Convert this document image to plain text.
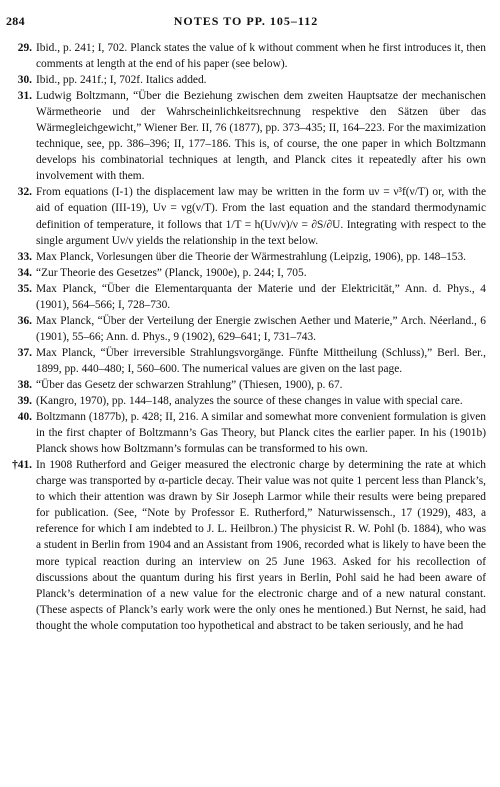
284	NOTES TO PP. 105–112
29. Ibid., p. 241; I, 702. Planck states the value of k without comment when he first introduces it, then comments at length at the end of his paper (see below).
30. Ibid., pp. 241f.; I, 702f. Italics added.
31. Ludwig Boltzmann, “Über die Beziehung zwischen dem zweiten Hauptsatze der mechanischen Wärmetheorie und der Wahrscheinlichkeitsrechnung respektive den Sätzen über das Wärmegleichgewicht,” Wiener Ber. II, 76 (1877), pp. 373–435; II, 164–223. For the maximization technique, see, pp. 386–396; II, 177–186. This is, of course, the one paper in which Boltzmann develops his combinatorial techniques at length, and Planck cites it repeatedly after his own involvement with them.
32. From equations (I-1) the displacement law may be written in the form uν = ν³f(ν/T) or, with the aid of equation (III-19), Uν = νg(ν/T). From the last equation and the standard thermodynamic definition of temperature, it follows that 1/T = h(Uν/ν)/ν = ∂S/∂U. Integrating with respect to the single argument Uν/ν yields the relationship in the text below.
33. Max Planck, Vorlesungen über die Theorie der Wärmestrahlung (Leipzig, 1906), pp. 148–153.
34. “Zur Theorie des Gesetzes” (Planck, 1900e), p. 244; I, 705.
35. Max Planck, “Über die Elementarquanta der Materie und der Elektricität,” Ann. d. Phys., 4 (1901), 564–566; I, 728–730.
36. Max Planck, “Über der Verteilung der Energie zwischen Aether und Materie,” Arch. Néerland., 6 (1901), 55–66; Ann. d. Phys., 9 (1902), 629–641; I, 731–743.
37. Max Planck, “Über irreversible Strahlungsvorgänge. Fünfte Mittheilung (Schluss),” Berl. Ber., 1899, pp. 440–480; I, 560–600. The numerical values are given on the last page.
38. “Über das Gesetz der schwarzen Strahlung” (Thiesen, 1900), p. 67.
39. (Kangro, 1970), pp. 144–148, analyzes the source of these changes in value with special care.
40. Boltzmann (1877b), p. 428; II, 216. A similar and somewhat more convenient formulation is given in the first chapter of Boltzmann’s Gas Theory, but Planck cites the earlier paper. In his (1901b) Planck shows how Boltzmann’s formulas can be transformed to his own.
†41. In 1908 Rutherford and Geiger measured the electronic charge by determining the rate at which charge was transported by α-particle decay. Their value was not quite 1 percent less than Planck’s, to which their attention was drawn by Sir Joseph Larmor while their results were being prepared for publication. (See, “Note by Professor E. Rutherford,” Naturwissensch., 17 (1929), 483, a reference for which I am indebted to J. L. Heilbron.) The physicist R. W. Pohl (b. 1884), who was a student in Berlin from 1904 and an Assistant from 1906, recorded what is likely to have been the more typical reaction during an interview on 25 June 1963. Asked for his recollection of discussions about the quantum during his first years in Berlin, Pohl said he had been aware of Planck’s determination of a new value for the electronic charge and of a new natural constant. (These aspects of Planck’s early work were the only ones he mentioned.) But Nernst, he said, had thought the whole computation too hypothetical and abstract to be taken seriously, and he had
